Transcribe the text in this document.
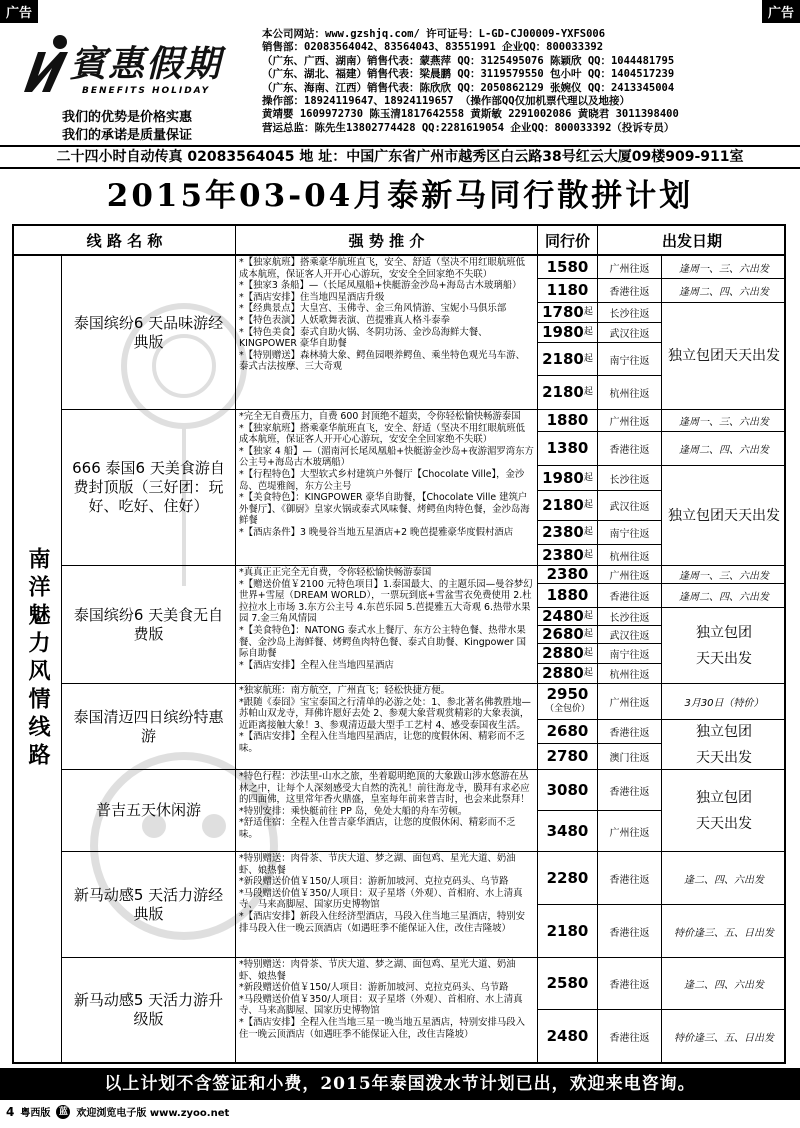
广告	广告
賓惠假期
BENEFITS HOLIDAY
我们的优势是价格实惠
我们的承诺是质量保证
本公司网站：www.gzshjq.com/ 许可证号：L-GD-CJ00009-YXFS006
销售部：02083564042、83564043、83551991 企业QQ：800033392
（广东、广西、湖南）销售代表：蒙燕萍 QQ：3125495076 陈颖欣 QQ：1044481795
（广东、湖北、福建）销售代表：梁晨鹏 QQ：3119579550 包小叶 QQ：1404517239
（广东、海南、江西）销售代表：陈欣欣 QQ：2050862129 张婉仪 QQ：2413345004
操作部：18924119647、18924119657 （操作部QQ仅加机票代理以及地接）
黄靖婴 1609972730 陈玉清1817642558 黄斯敏 2291002086 黄晓君 3011398400
营运总监：陈先生13802774428 QQ:2281619054 企业QQ：800033392（投诉专员）
二十四小时自动传真 02083564045 地 址：中国广东省广州市越秀区白云路38号红云大厦09楼909-911室
2015年03-04月泰新马同行散拼计划
线 路 名 称	强 势 推 介	同行价	出发日期
南洋魅力风情线路
泰国缤纷6 天品味游经典版

*【独家航班】搭乘豪华航班直飞，安全、舒适（坚决不用红眼航班低成本航班，保证客人开开心心游玩，安安全全回家绝不失联）

*【独家3 条船】—（长尾凤凰船+快艇游金沙岛+海岛古木玻璃船）

*【酒店安排】住当地四星酒店升级

*【经典景点】大皇宫、玉佛寺、金三角风情游、宝妮小马俱乐部

*【特色表演】人妖歌舞表演、芭提雅真人格斗泰拳

*【特色美食】泰式自助火锅、冬阴功汤、金沙岛海鲜大餐、KINGPOWER 豪华自助餐

*【特别赠送】森林骑大象、鳄鱼园喂养鳄鱼、乘坐特色观光马车游、泰式古法按摩、三大奇观

1580	广州往返	逢周一、三、六出发
1180	香港往返	逢周二、四、六出发
1780 起	长沙往返
1980 起	武汉往返
2180 起	南宁往返
2180 起	杭州往返
独立包团天天出发
666 泰国6 天美食游自费封顶版（三好团：玩好、吃好、住好）

*完全无自费压力，自费 600 封顶绝不超卖，令你轻松愉快畅游泰国

*【独家航班】搭乘豪华航班直飞，安全、舒适（坚决不用红眼航班低成本航班，保证客人开开心心游玩，安安全全回家绝不失联）

*【独家 4 船】—（湄南河长尾凤凰船+快艇游金沙岛+夜游湄罗湾东方公主号+海岛古木玻璃船）

*【行程特色】大型软式乡村建筑户外餐厅【Chocolate Ville】，金沙岛、芭堤雅阁，东方公主号

*【美食特色】：KINGPOWER 豪华自助餐，【Chocolate Ville 建筑户外餐厅】、《御厨》皇家火锅或泰式风味餐、烤鳄鱼肉特色餐，金沙岛海鲜餐

*【酒店条件】3 晚曼谷当地五星酒店+2 晚芭提雅豪华度假村酒店

1880	广州往返	逢周一、三、六出发
1380	香港往返	逢周二、四、六出发
1980 起	长沙往返
2180 起	武汉往返
2380 起	南宁往返
2380 起	杭州往返
独立包团天天出发
泰国缤纷6 天美食无自费版

*真真正正完全无自费，令你轻松愉快畅游泰国

*【赠送价值￥2100 元特色项目】1.泰国最大、的主题乐园—曼谷梦幻世界+雪屋（DREAM WORLD），一票玩到底+雪盆雪衣免费使用 2.杜拉拉水上市场 3.东方公主号 4.东芭乐园 5.芭提雅五大奇观 6.热带水果园 7.金三角风情园

*【美食特色】：NATONG 泰式水上餐厅、东方公主特色餐、热带水果餐、金沙岛上海鲜餐、烤鳄鱼肉特色餐、泰式自助餐、Kingpower 国际自助餐

*【酒店安排】全程入住当地四星酒店

2380	广州往返	逢周一、三、六出发
1880	香港往返	逢周二、四、六出发
2480 起	长沙往返
2680 起	武汉往返
2880 起	南宁往返
2880 起	杭州往返
独立包团天天出发
泰国清迈四日缤纷特惠游

*独家航班：南方航空，广州直飞；轻松快捷方便。

*跟随《泰囧》宝宝泰国之行清单的必游之处：1、参北著名佛教胜地—苏帕山双龙寺，拜佛许愿好去处 2、参观大象营观赏精彩的大象表演，近距离接触大象！3、参观清迈最大型手工艺村 4、感受泰国夜生活。

*【酒店安排】全程入住当地四星酒店，让您的度假休闲、精彩而不乏味。

2950
（全包价）	广州往返	3月30日（特价）
2680	香港往返
2780	澳门往返
独立包团天天出发
普吉五天休闲游

*特色行程：沙法里-山水之旅，坐着聪明绝顶的大象跋山涉水悠游在丛林之中，让每个人深刻感受大自然的洗礼！前往海龙寺，膜拜有求必应的四面佛，这里常年香火鼎盛，皇室每年前来普吉时，也会来此祭拜！

*特别安排：乘快艇前往 PP 岛，免处大船的舟车劳顿。

*舒适住宿：全程入住普吉豪华酒店，让您的度假休闲、精彩而不乏味。

3080	香港往返
3480	广州往返
独立包团天天出发
新马动感5 天活力游经典版

*特别赠送：肉骨茶、节庆大道、梦之湖、面包鸡、星光大道、奶油虾、娘热餐

*新段赠送价值￥150/人项目：游新加坡河、克拉克码头、乌节路

*马段赠送价值￥350/人项目：双子星塔（外观）、首相府、水上清真寺、马来高脚屋、国家历史博物馆

*【酒店安排】新段入住经济型酒店，马段入住当地三星酒店，特别安排马段入住一晚云顶酒店（如遇旺季不能保证入住，改住吉隆坡）

2280	香港往返	逢二、四、六出发
2180	香港往返	特价逢三、五、日出发
新马动感5 天活力游升级版

*特别赠送：肉骨茶、节庆大道、梦之湖、面包鸡、星光大道、奶油虾、娘热餐

*新段赠送价值￥150/人项目：游新加坡河、克拉克码头、乌节路

*马段赠送价值￥350/人项目：双子星塔（外观）、首相府、水上清真寺、马来高脚屋、国家历史博物馆

*【酒店安排】全程入住当地三星一晚当地五星酒店，特别安排马段入住一晚云顶酒店（如遇旺季不能保证入住，改住吉隆坡）

2580	香港往返	逢二、四、六出发
2480	香港往返	特价逢三、五、日出发
以上计划不含签证和小费，2015年泰国泼水节计划已出，欢迎来电咨询。
4 粤西版 蓝 欢迎浏览电子版 www.zyoo.net
